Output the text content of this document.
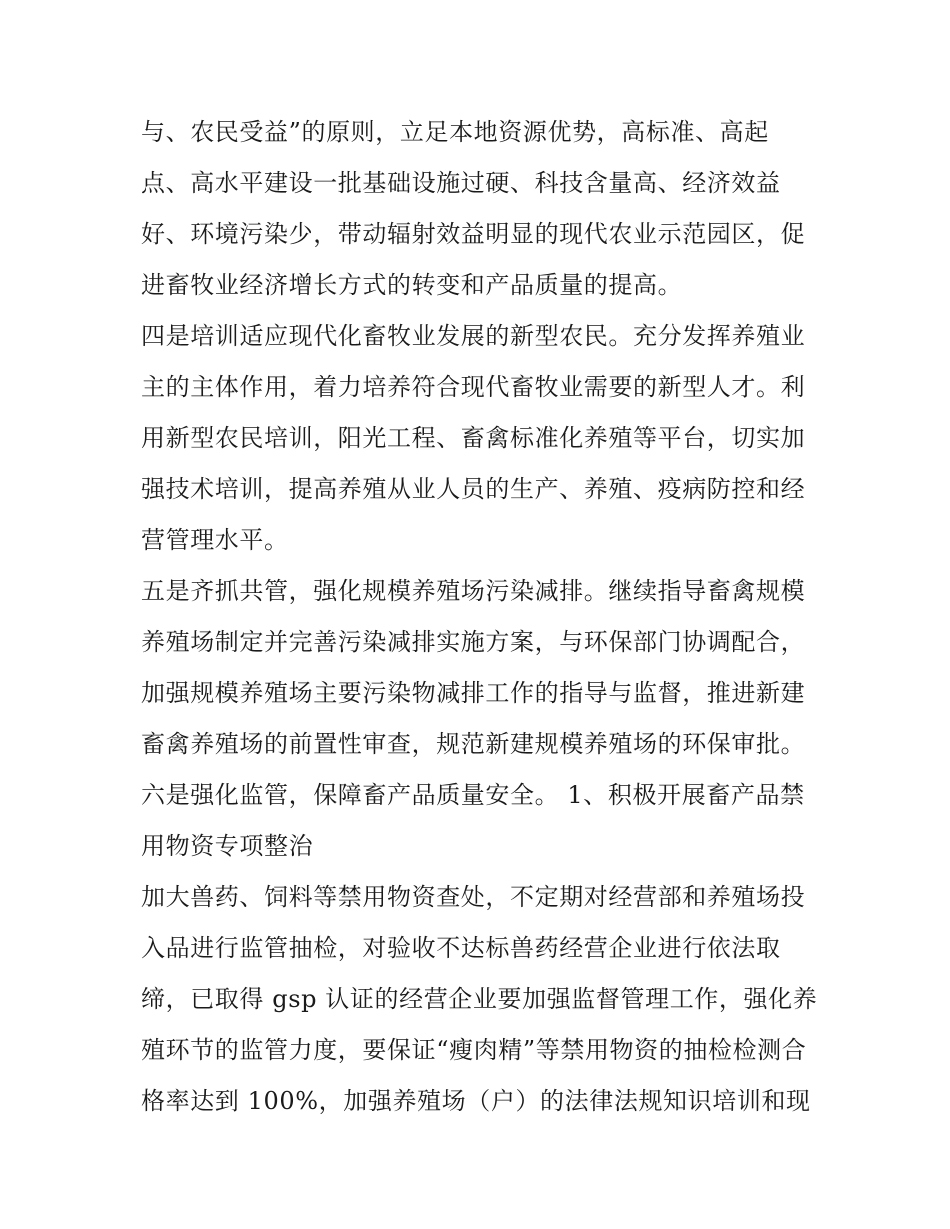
与、农民受益”的原则，立足本地资源优势，高标准、高起
点、高水平建设一批基础设施过硬、科技含量高、经济效益
好、环境污染少，带动辐射效益明显的现代农业示范园区，促
进畜牧业经济增长方式的转变和产品质量的提高。
四是培训适应现代化畜牧业发展的新型农民。充分发挥养殖业
主的主体作用，着力培养符合现代畜牧业需要的新型人才。利
用新型农民培训，阳光工程、畜禽标准化养殖等平台，切实加
强技术培训，提高养殖从业人员的生产、养殖、疫病防控和经
营管理水平。
五是齐抓共管，强化规模养殖场污染减排。继续指导畜禽规模
养殖场制定并完善污染减排实施方案，与环保部门协调配合，
加强规模养殖场主要污染物减排工作的指导与监督，推进新建
畜禽养殖场的前置性审查，规范新建规模养殖场的环保审批。
六是强化监管，保障畜产品质量安全。 1、积极开展畜产品禁
用物资专项整治
加大兽药、饲料等禁用物资查处，不定期对经营部和养殖场投
入品进行监管抽检，对验收不达标兽药经营企业进行依法取
缔，已取得 gsp 认证的经营企业要加强监督管理工作，强化养
殖环节的监管力度，要保证“瘦肉精”等禁用物资的抽检检测合
格率达到 100%，加强养殖场（户）的法律法规知识培训和现
